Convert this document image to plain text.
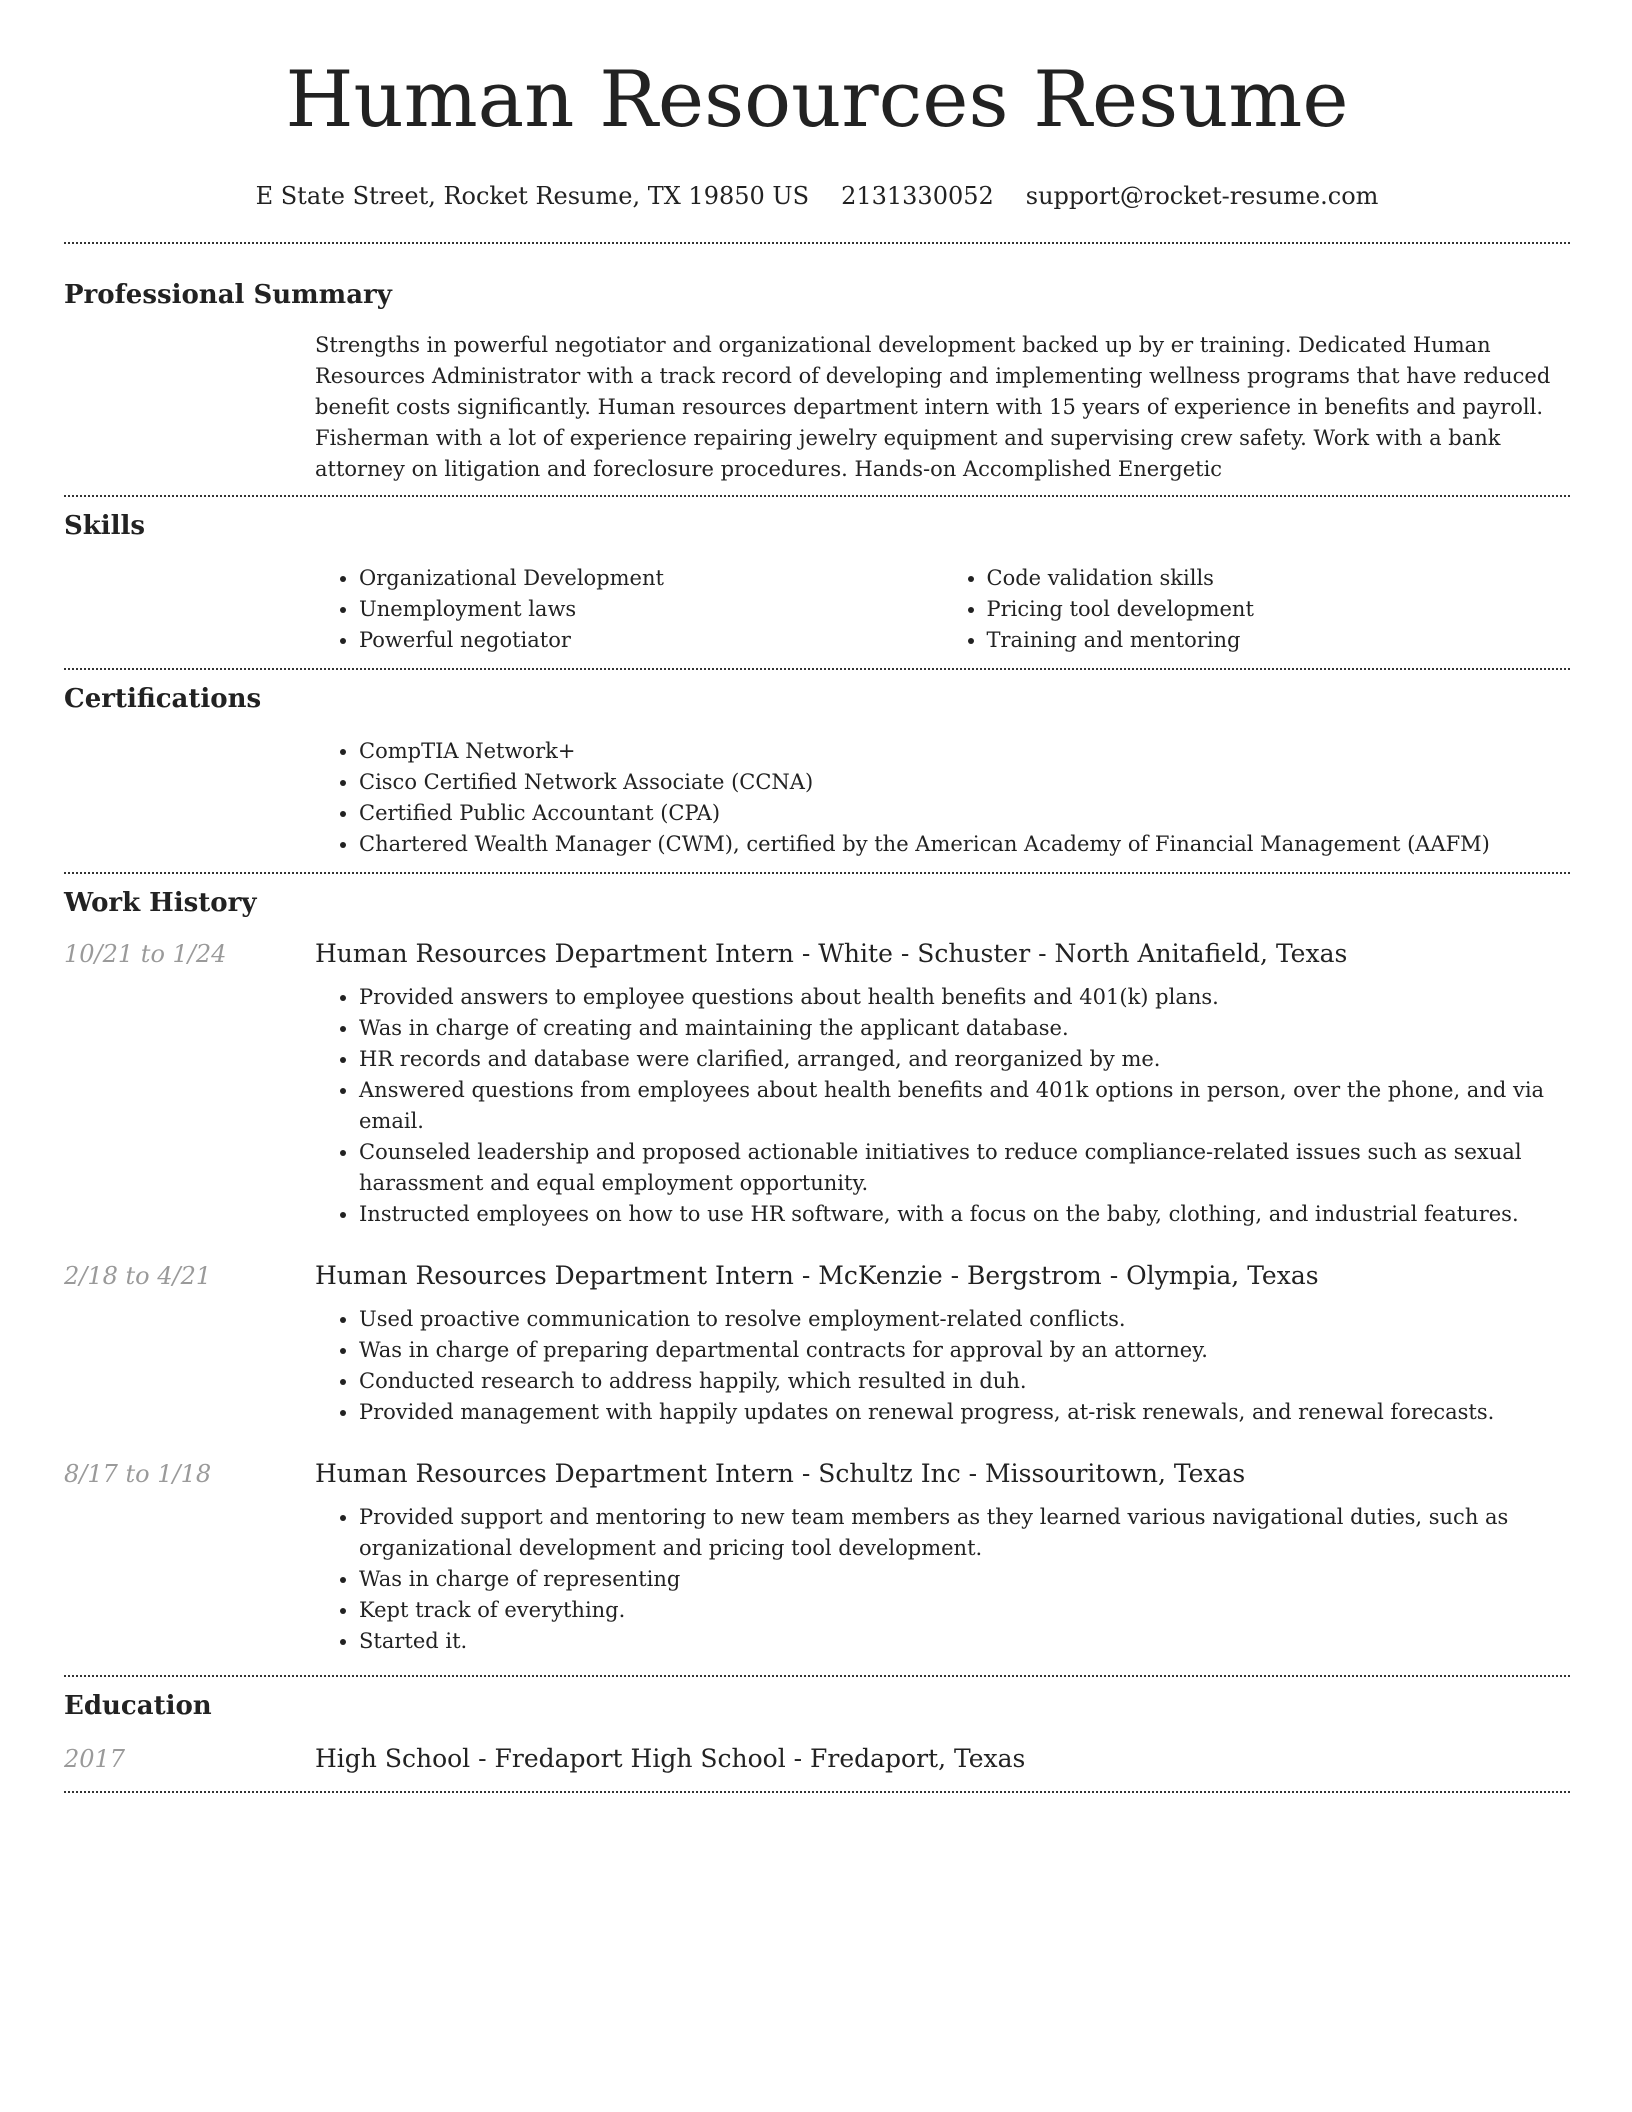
Human Resources Resume
E State Street, Rocket Resume, TX 19850 US 2131330052 support@rocket-resume.com
Professional Summary

Strengths in powerful negotiator and organizational development backed up by er training. Dedicated Human Resources Administrator with a track record of developing and implementing wellness programs that have reduced benefit costs significantly. Human resources department intern with 15 years of experience in benefits and payroll. Fisherman with a lot of experience repairing jewelry equipment and supervising crew safety. Work with a bank attorney on litigation and foreclosure procedures. Hands-on Accomplished Energetic

Skills
• Organizational Development
• Unemployment laws
• Powerful negotiator
• Code validation skills
• Pricing tool development
• Training and mentoring
Certifications
• CompTIA Network+
• Cisco Certified Network Associate (CCNA)
• Certified Public Accountant (CPA)
• Chartered Wealth Manager (CWM), certified by the American Academy of Financial Management (AAFM)
Work History
10/21 to 1/24	Human Resources Department Intern - White - Schuster - North Anitafield, Texas
• Provided answers to employee questions about health benefits and 401(k) plans.
• Was in charge of creating and maintaining the applicant database.
• HR records and database were clarified, arranged, and reorganized by me.
• Answered questions from employees about health benefits and 401k options in person, over the phone, and via email.
• Counseled leadership and proposed actionable initiatives to reduce compliance-related issues such as sexual harassment and equal employment opportunity.
• Instructed employees on how to use HR software, with a focus on the baby, clothing, and industrial features.
2/18 to 4/21	Human Resources Department Intern - McKenzie - Bergstrom - Olympia, Texas
• Used proactive communication to resolve employment-related conflicts.
• Was in charge of preparing departmental contracts for approval by an attorney.
• Conducted research to address happily, which resulted in duh.
• Provided management with happily updates on renewal progress, at-risk renewals, and renewal forecasts.
8/17 to 1/18	Human Resources Department Intern - Schultz Inc - Missouritown, Texas
• Provided support and mentoring to new team members as they learned various navigational duties, such as organizational development and pricing tool development.
• Was in charge of representing
• Kept track of everything.
• Started it.
Education
2017	High School - Fredaport High School - Fredaport, Texas
